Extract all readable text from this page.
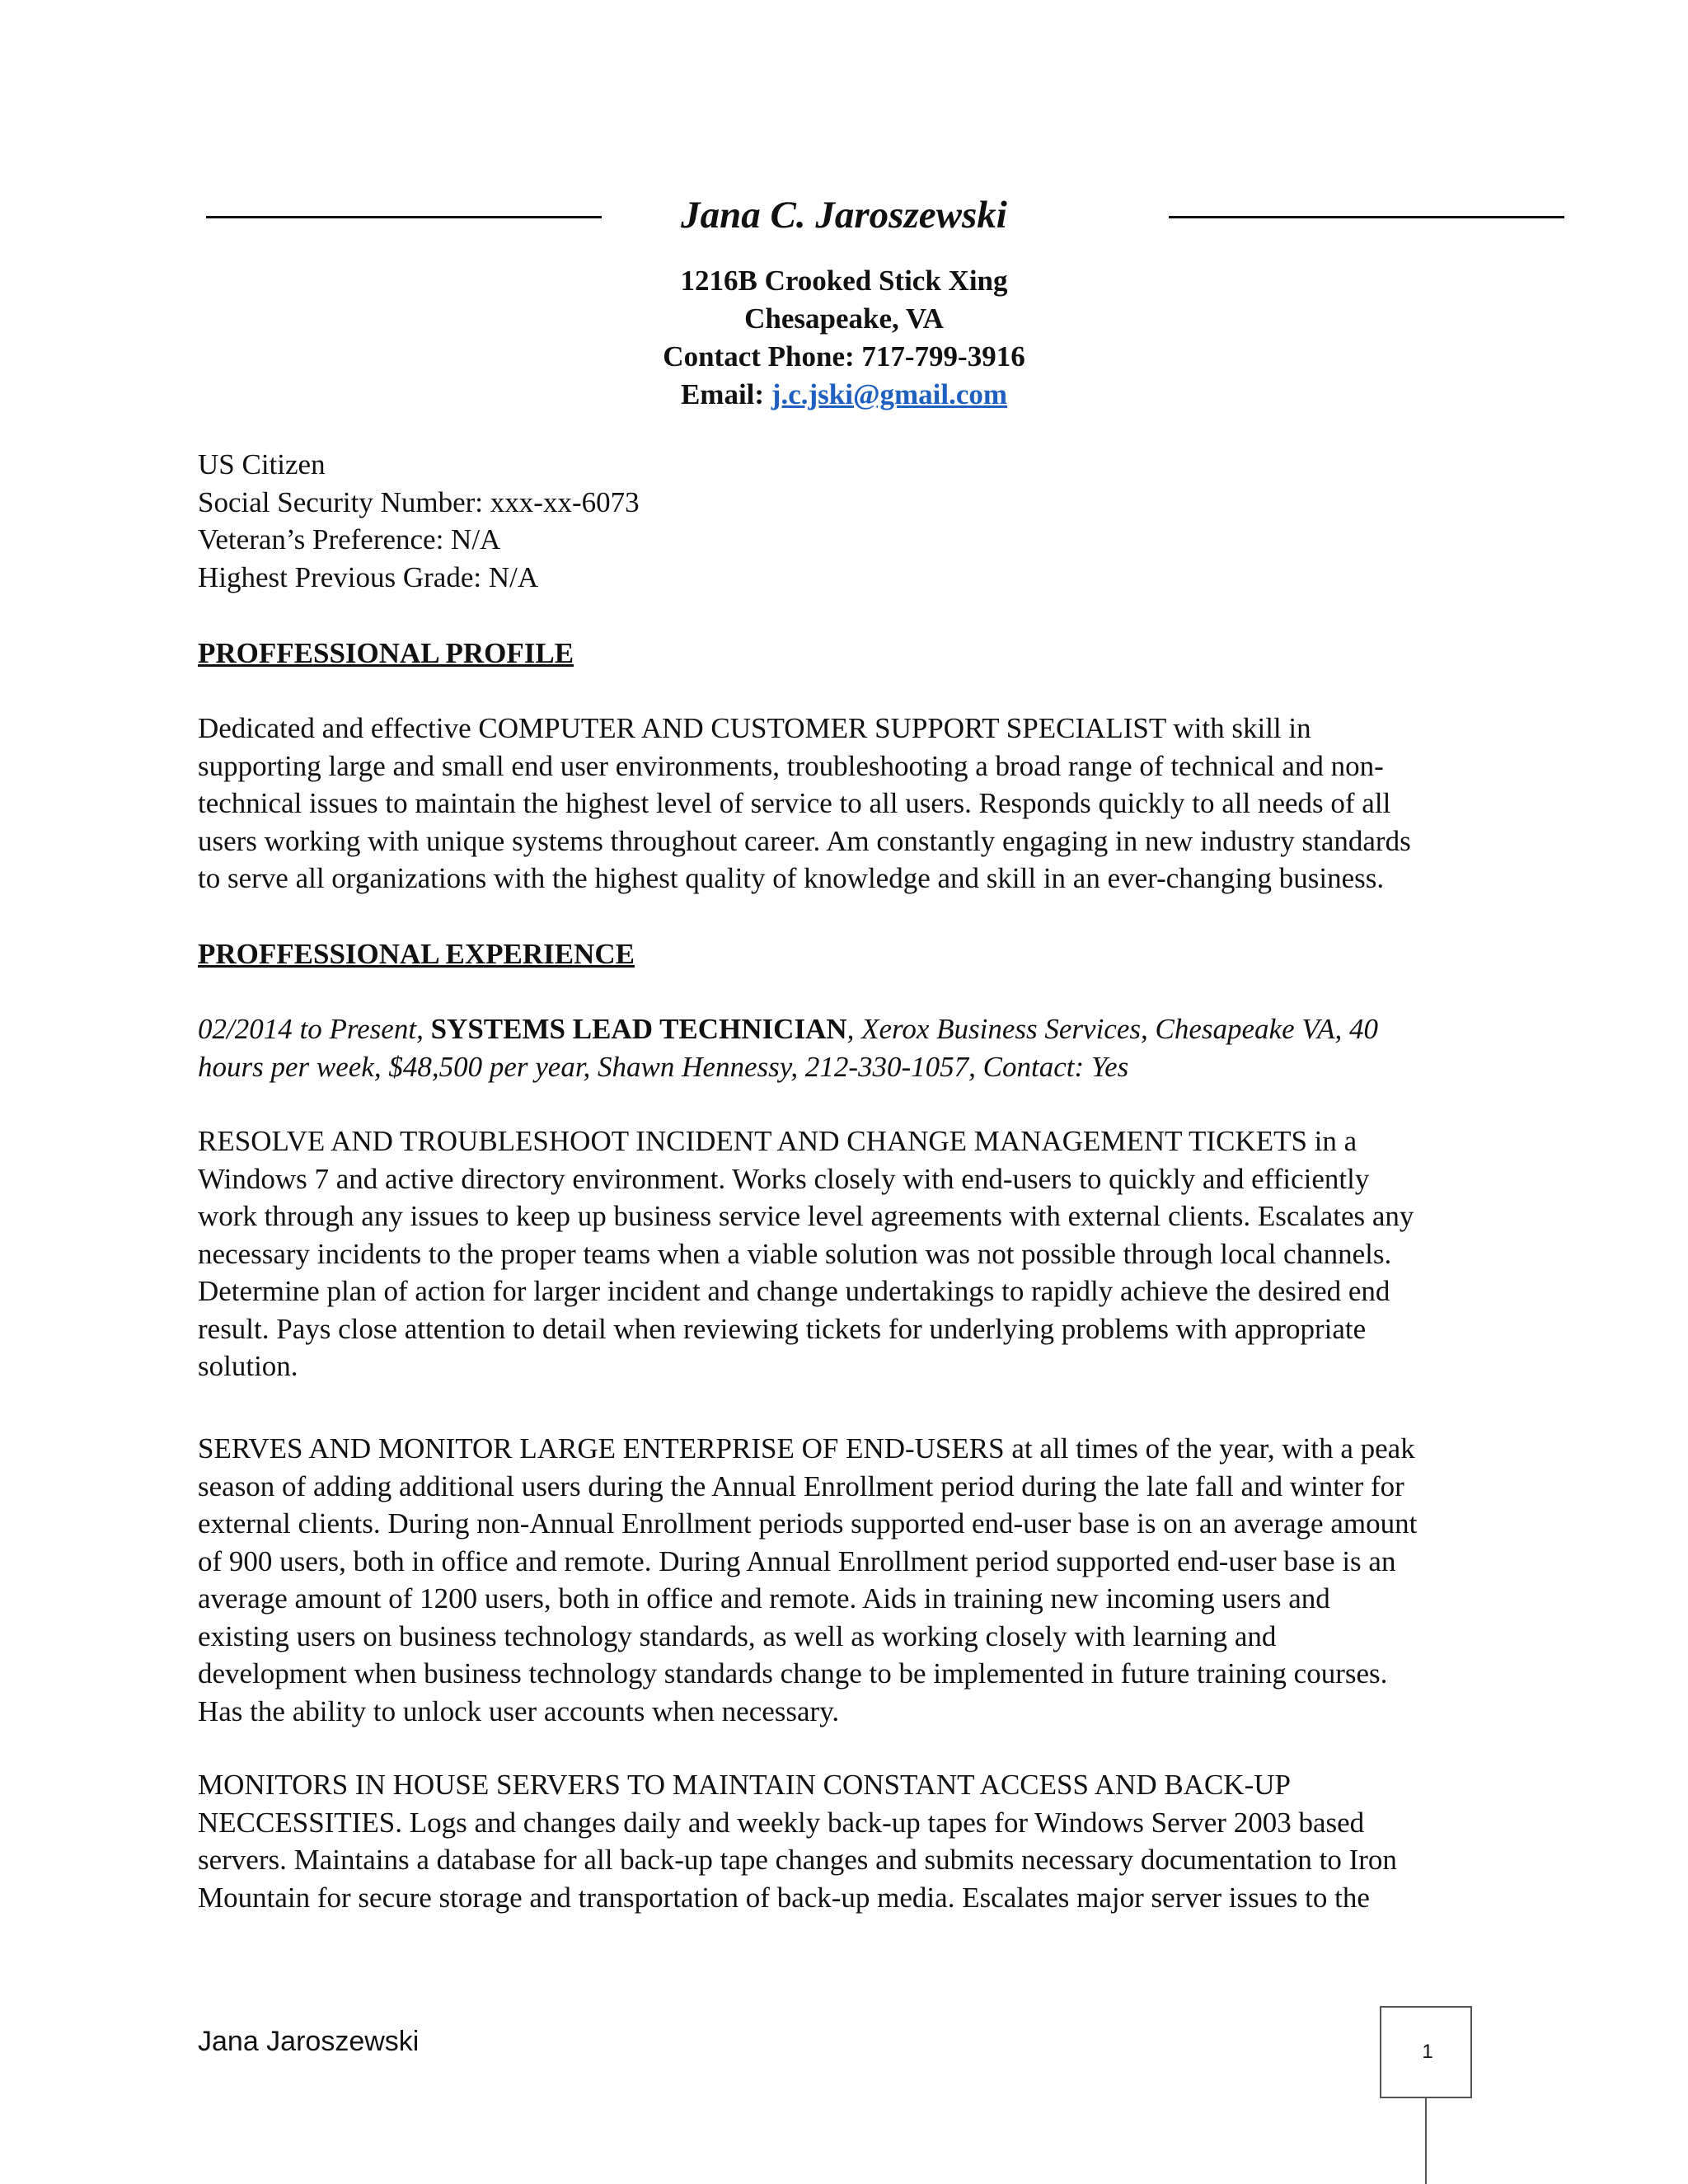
Jana C. Jaroszewski
1216B Crooked Stick Xing
Chesapeake, VA
Contact Phone: 717-799-3916
Email: j.c.jski@gmail.com
US Citizen
Social Security Number: xxx-xx-6073
Veteran’s Preference: N/A
Highest Previous Grade: N/A
PROFFESSIONAL PROFILE
Dedicated and effective COMPUTER AND CUSTOMER SUPPORT SPECIALIST with skill in
supporting large and small end user environments, troubleshooting a broad range of technical and non-
technical issues to maintain the highest level of service to all users. Responds quickly to all needs of all
users working with unique systems throughout career. Am constantly engaging in new industry standards
to serve all organizations with the highest quality of knowledge and skill in an ever-changing business.
PROFFESSIONAL EXPERIENCE
02/2014 to Present, SYSTEMS LEAD TECHNICIAN, Xerox Business Services, Chesapeake VA, 40
hours per week, $48,500 per year, Shawn Hennessy, 212-330-1057, Contact: Yes
RESOLVE AND TROUBLESHOOT INCIDENT AND CHANGE MANAGEMENT TICKETS in a
Windows 7 and active directory environment. Works closely with end-users to quickly and efficiently
work through any issues to keep up business service level agreements with external clients. Escalates any
necessary incidents to the proper teams when a viable solution was not possible through local channels.
Determine plan of action for larger incident and change undertakings to rapidly achieve the desired end
result. Pays close attention to detail when reviewing tickets for underlying problems with appropriate
solution.
SERVES AND MONITOR LARGE ENTERPRISE OF END-USERS at all times of the year, with a peak
season of adding additional users during the Annual Enrollment period during the late fall and winter for
external clients. During non-Annual Enrollment periods supported end-user base is on an average amount
of 900 users, both in office and remote. During Annual Enrollment period supported end-user base is an
average amount of 1200 users, both in office and remote. Aids in training new incoming users and
existing users on business technology standards, as well as working closely with learning and
development when business technology standards change to be implemented in future training courses.
Has the ability to unlock user accounts when necessary.
MONITORS IN HOUSE SERVERS TO MAINTAIN CONSTANT ACCESS AND BACK-UP
NECCESSITIES. Logs and changes daily and weekly back-up tapes for Windows Server 2003 based
servers. Maintains a database for all back-up tape changes and submits necessary documentation to Iron
Mountain for secure storage and transportation of back-up media. Escalates major server issues to the
Jana Jaroszewski	1
